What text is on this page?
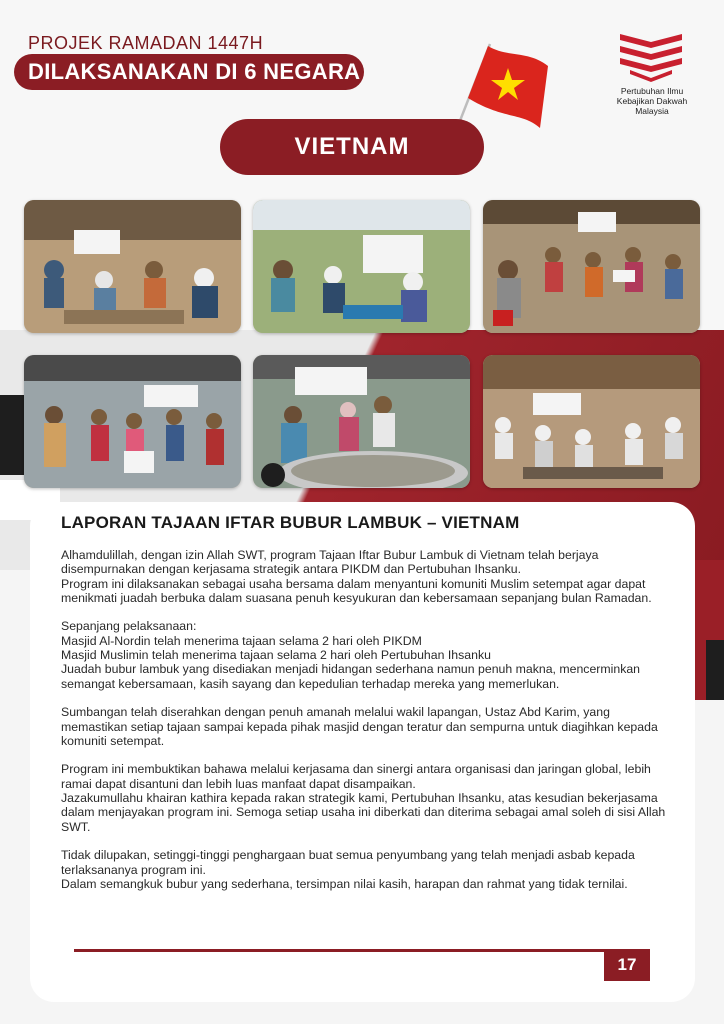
PROJEK RAMADAN 1447H
DILAKSANAKAN DI 6 NEGARA
Pertubuhan Ilmu
Kebajikan Dakwah
Malaysia
VIETNAM
LAPORAN TAJAAN IFTAR BUBUR LAMBUK – VIETNAM

Alhamdulillah, dengan izin Allah SWT, program Tajaan Iftar Bubur Lambuk di Vietnam telah berjaya disempurnakan dengan kerjasama strategik antara PIKDM dan Pertubuhan Ihsanku.

Program ini dilaksanakan sebagai usaha bersama dalam menyantuni komuniti Muslim setempat agar dapat menikmati juadah berbuka dalam suasana penuh kesyukuran dan kebersamaan sepanjang bulan Ramadan.

Sepanjang pelaksanaan:

Masjid Al-Nordin telah menerima tajaan selama 2 hari oleh PIKDM

Masjid Muslimin telah menerima tajaan selama 2 hari oleh Pertubuhan Ihsanku

Juadah bubur lambuk yang disediakan menjadi hidangan sederhana namun penuh makna, mencerminkan semangat kebersamaan, kasih sayang dan kepedulian terhadap mereka yang memerlukan.

Sumbangan telah diserahkan dengan penuh amanah melalui wakil lapangan, Ustaz Abd Karim, yang memastikan setiap tajaan sampai kepada pihak masjid dengan teratur dan sempurna untuk diagihkan kepada komuniti setempat.

Program ini membuktikan bahawa melalui kerjasama dan sinergi antara organisasi dan jaringan global, lebih ramai dapat disantuni dan lebih luas manfaat dapat disampaikan.

Jazakumullahu khairan kathira kepada rakan strategik kami, Pertubuhan Ihsanku, atas kesudian bekerjasama dalam menjayakan program ini. Semoga setiap usaha ini diberkati dan diterima sebagai amal soleh di sisi Allah SWT.

Tidak dilupakan, setinggi-tinggi penghargaan buat semua penyumbang yang telah menjadi asbab kepada terlaksananya program ini.

Dalam semangkuk bubur yang sederhana, tersimpan nilai kasih, harapan dan rahmat yang tidak ternilai.

17
